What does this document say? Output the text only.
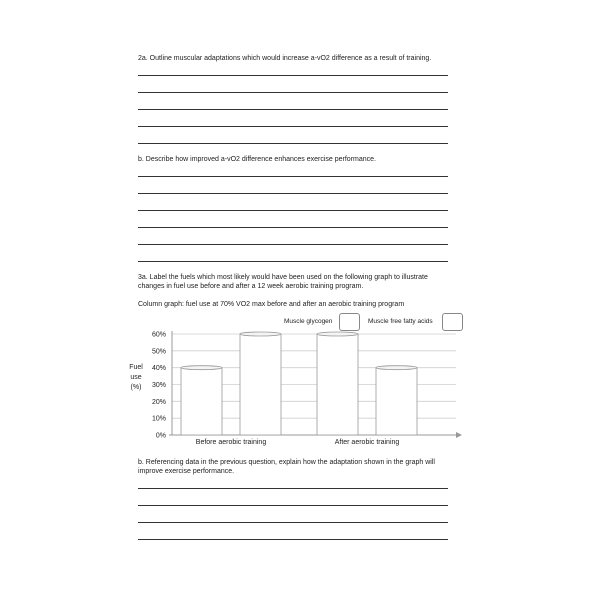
2a. Outline muscular adaptations which would increase a-vO2 difference as a result of training.
b. Describe how improved a-vO2 difference enhances exercise performance.
3a. Label the fuels which most likely would have been used on the following graph to illustrate
changes in fuel use before and after a 12 week aerobic training program.
Column graph: fuel use at 70% VO2 max before and after an aerobic training program
Muscle glycogen	Muscle free fatty acids
0%
10%
20%
30%
40%
50%
60%
Fuel
use
(%)
Before aerobic training	After aerobic training
b. Referencing data in the previous question, explain how the adaptation shown in the graph will
improve exercise performance.
